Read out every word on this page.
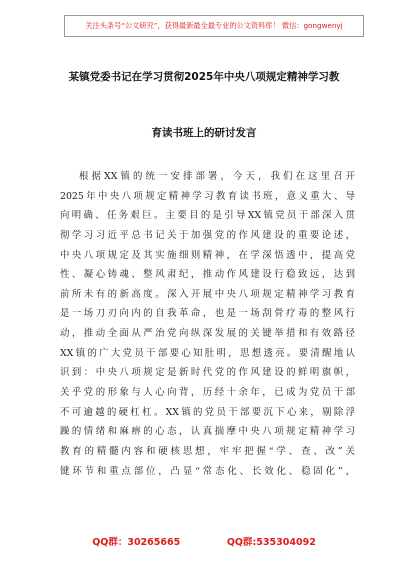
关注头条号“公文研究”，获得最新最全最专业的公文资料库！ 微信：gongwenyj
某镇党委书记在学习贯彻2025年中央八项规定精神学习教
育读书班上的研讨发言
根据XX镇的统一安排部署，今天，我们在这里召开
2025年中央八项规定精神学习教育读书班，意义重大、导
向明确、任务艰巨。主要目的是引导XX镇党员干部深入贯
彻学习习近平总书记关于加强党的作风建设的重要论述，
中央八项规定及其实施细则精神，在学深悟透中，提高党
性、凝心铸魂、整风肃纪，推动作风建设行稳致远，达到
前所未有的新高度。深入开展中央八项规定精神学习教育
是一场刀刃向内的自我革命，也是一场刮骨疗毒的整风行
动，推动全面从严治党向纵深发展的关键举措和有效路径
XX镇的广大党员干部要心知肚明，思想透亮。要清醒地认
识到：中央八项规定是新时代党的作风建设的鲜明旗帜，
关乎党的形象与人心向背，历经十余年，已成为党员干部
不可逾越的硬杠杠。XX镇的党员干部要沉下心来，剔除浮
躁的情绪和麻痹的心态，认真揣摩中央八项规定精神学习
教育的精髓内容和硬核思想，牢牢把握“学、查、改”关
键环节和重点部位，凸显“常态化、长效化、稳固化”，
QQ群：30265665	QQ群:535304092
